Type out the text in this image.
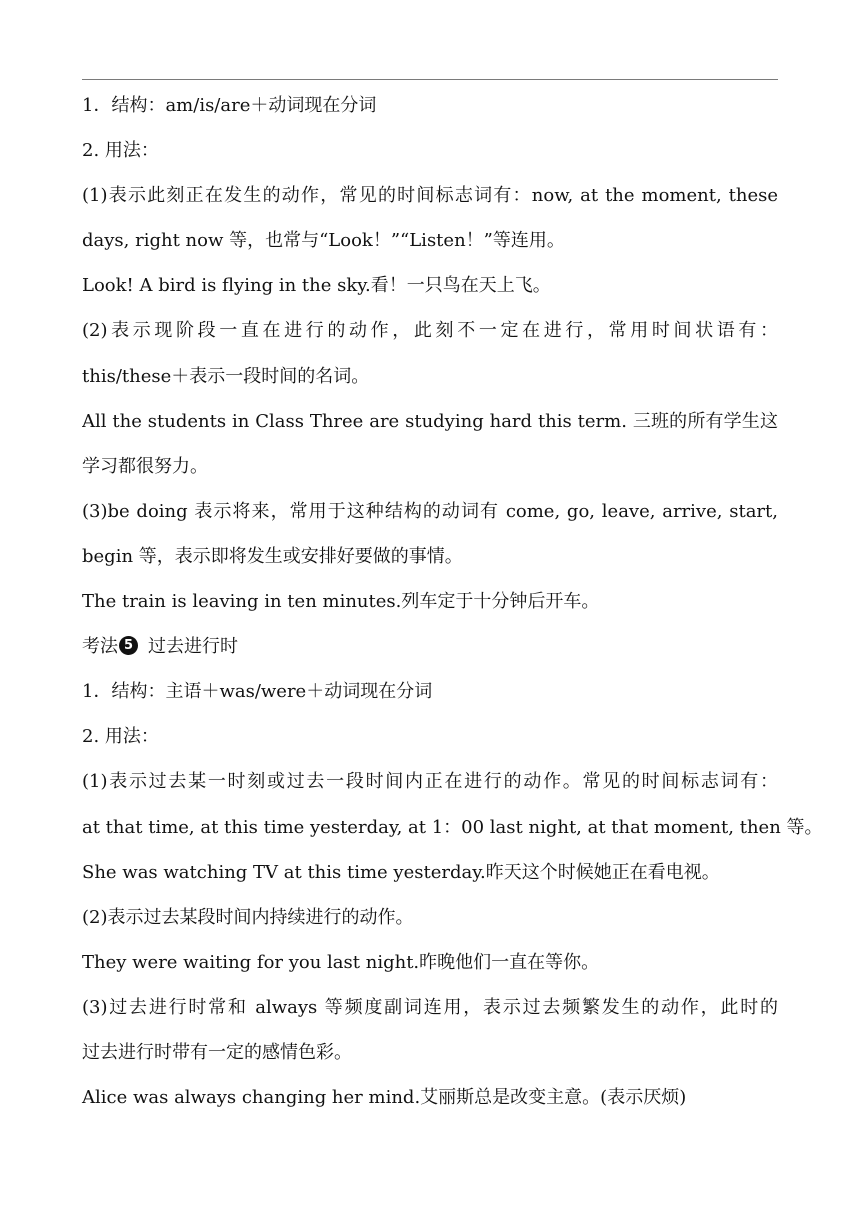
1．结构：am/is/are＋动词现在分词
2. 用法：
(1)表示此刻正在发生的动作，常见的时间标志词有：now, at the moment, these
days, right now 等，也常与“Look！”“Listen！”等连用。
Look! A bird is flying in the sky.看！一只鸟在天上飞。
(2)表示现阶段一直在进行的动作，此刻不一定在进行，常用时间状语有：
this/these＋表示一段时间的名词。
All the students in Class Three are studying hard this term. 三班的所有学生这
学习都很努力。
(3)be doing 表示将来，常用于这种结构的动词有 come, go, leave, arrive, start,
begin 等，表示即将发生或安排好要做的事情。
The train is leaving in ten minutes.列车定于十分钟后开车。
考法 5 过去进行时
1．结构：主语＋was/were＋动词现在分词
2. 用法：
(1)表示过去某一时刻或过去一段时间内正在进行的动作。常见的时间标志词有：
at that time, at this time yesterday, at 1：00 last night, at that moment, then 等。
She was watching TV at this time yesterday.昨天这个时候她正在看电视。
(2)表示过去某段时间内持续进行的动作。
They were waiting for you last night.昨晚他们一直在等你。
(3)过去进行时常和 always 等频度副词连用，表示过去频繁发生的动作，此时的
过去进行时带有一定的感情色彩。
Alice was always changing her mind.艾丽斯总是改变主意。(表示厌烦)
